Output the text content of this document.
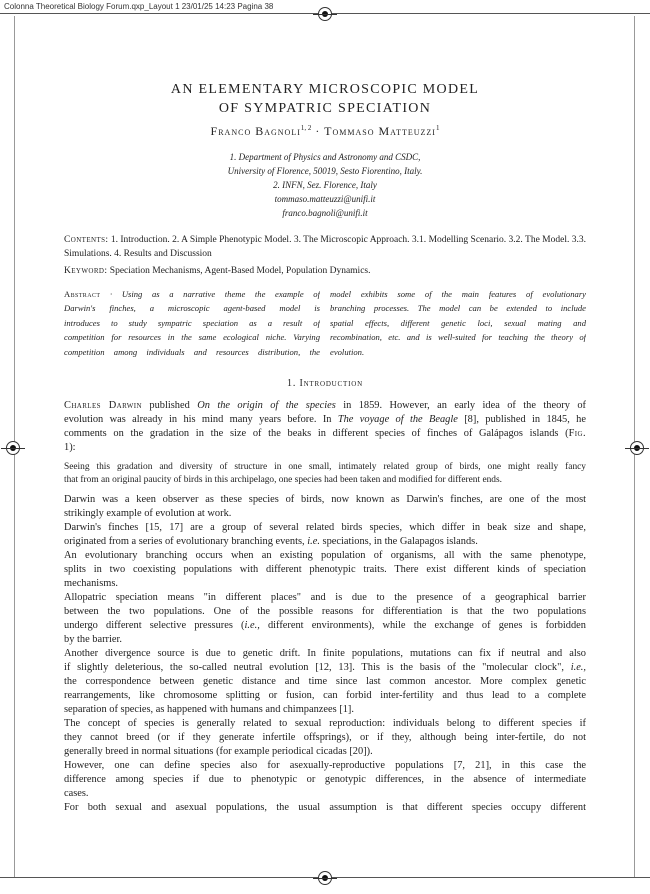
Colonna Theoretical Biology Forum.qxp_Layout 1 23/01/25 14:23 Pagina 38
AN ELEMENTARY MICROSCOPIC MODEL
OF SYMPATRIC SPECIATION
Franco Bagnoli$^{1, 2}$ · Tommaso Matteuzzi$^1$
1. Department of Physics and Astronomy and CSDC,
University of Florence, 50019, Sesto Fiorentino, Italy.
2. INFN, Sez. Florence, Italy
tommaso.matteuzzi@unifi.it
franco.bagnoli@unifi.it
Contents: 1. Introduction. 2. A Simple Phenotypic Model. 3. The Microscopic Approach. 3.1. Modelling Scenario. 3.2. The Model. 3.3. Simulations. 4. Results and Discussion
Keyword: Speciation Mechanisms, Agent-Based Model, Population Dynamics.
Abstract · Using as a narrative theme the example of
Darwin's finches, a microscopic agent-based model is
introduces to study sympatric speciation as a result of
competition for resources in the same ecological niche. Varying
competition among individuals and resources distribution, the
model exhibits some of the main features of evolutionary
branching processes. The model can be extended to include
spatial effects, different genetic loci, sexual mating and
recombination, etc. and is well-suited for teaching the theory of
evolution.
1. Introduction
Charles Darwin published On the origin of the species in 1859. However, an early idea of the theory of
evolution was already in his mind many years before. In The voyage of the Beagle [8], published in 1845, he
comments on the gradation in the size of the beaks in different species of finches of Galápagos islands (Fig.
1):
Seeing this gradation and diversity of structure in one small, intimately related group of birds, one might really fancy
that from an original paucity of birds in this archipelago, one species had been taken and modified for different ends.
Darwin was a keen observer as these species of birds, now known as Darwin's finches, are one of the most
strikingly example of evolution at work.
Darwin's finches [15, 17] are a group of several related birds species, which differ in beak size and shape,
originated from a series of evolutionary branching events, i.e. speciations, in the Galapagos islands.
An evolutionary branching occurs when an existing population of organisms, all with the same phenotype,
splits in two coexisting populations with different phenotypic traits. There exist different kinds of speciation
mechanisms.
Allopatric speciation means "in different places" and is due to the presence of a geographical barrier
between the two populations. One of the possible reasons for differentiation is that the two populations
undergo different selective pressures (i.e., different environments), while the exchange of genes is forbidden
by the barrier.
Another divergence source is due to genetic drift. In finite populations, mutations can fix if neutral and also
if slightly deleterious, the so-called neutral evolution [12, 13]. This is the basis of the "molecular clock", i.e.,
the correspondence between genetic distance and time since last common ancestor. More complex genetic
rearrangements, like chromosome splitting or fusion, can forbid inter-fertility and thus lead to a complete
separation of species, as happened with humans and chimpanzees [1].
The concept of species is generally related to sexual reproduction: individuals belong to different species if
they cannot breed (or if they generate infertile offsprings), or if they, although being inter-fertile, do not
generally breed in normal situations (for example periodical cicadas [20]).
However, one can define species also for asexually-reproductive populations [7, 21], in this case the
difference among species if due to phenotypic or genotypic differences, in the absence of intermediate
cases.
For both sexual and asexual populations, the usual assumption is that different species occupy different
